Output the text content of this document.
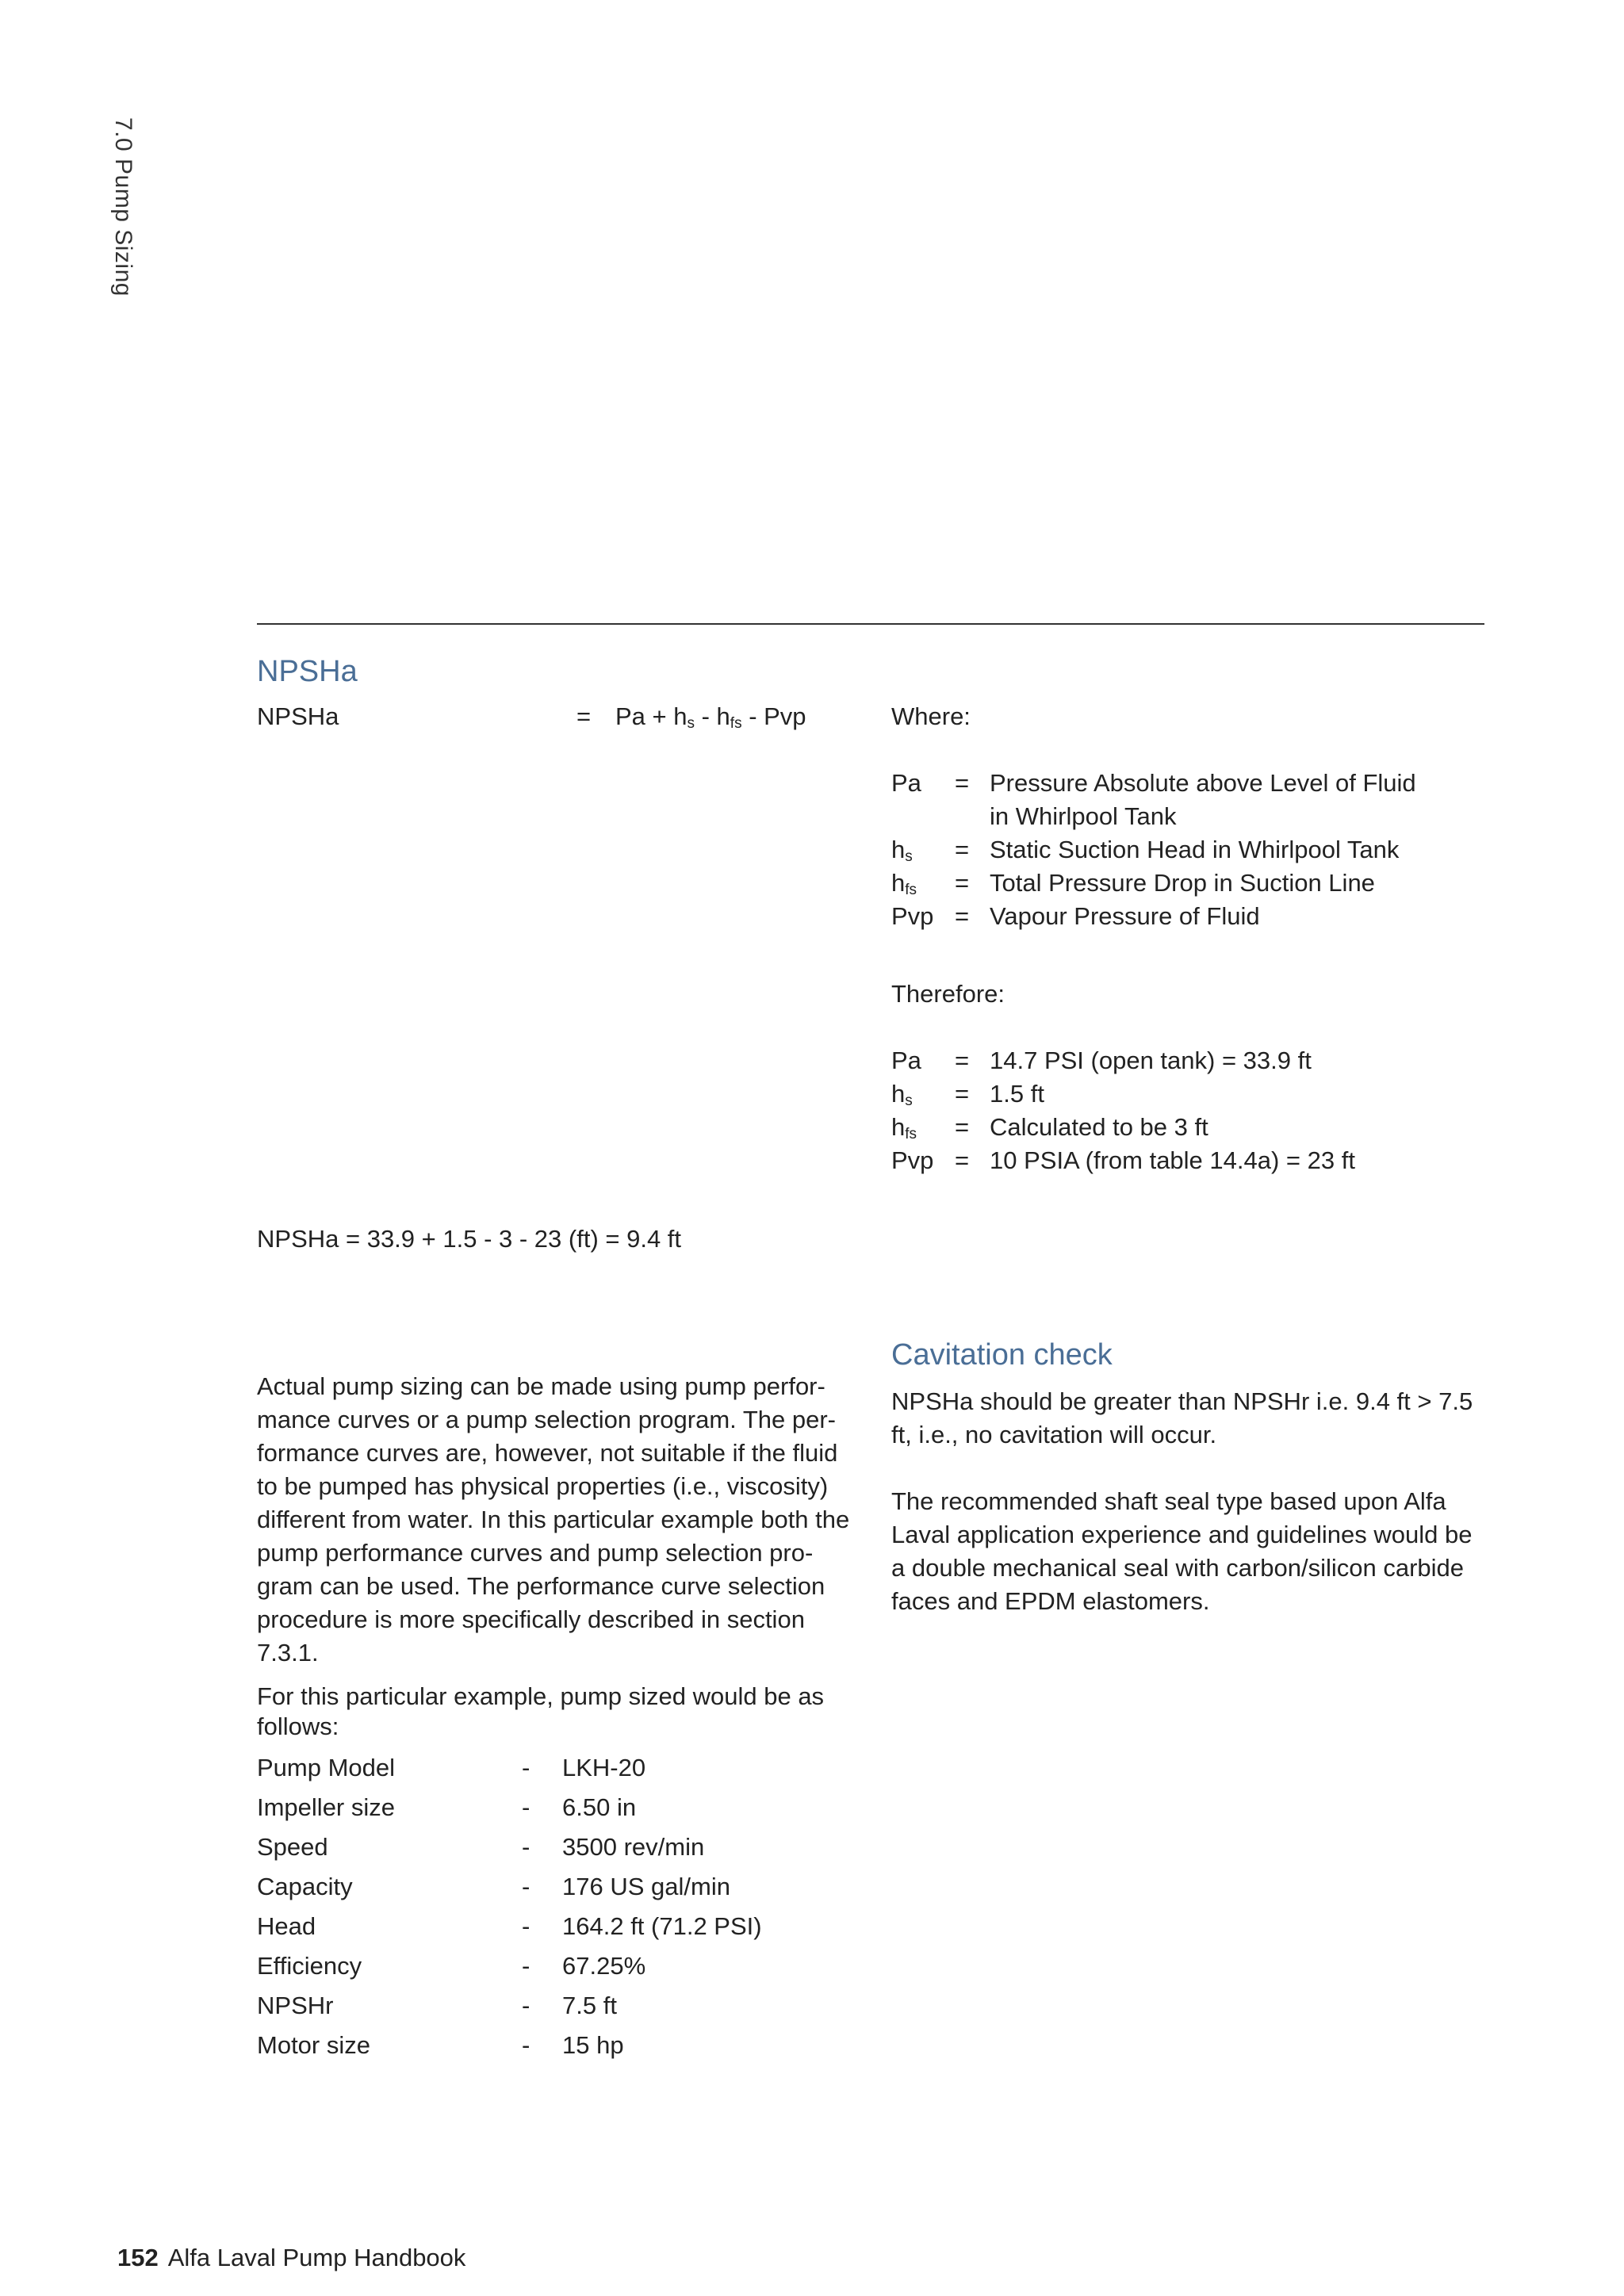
7.0 Pump Sizing
NPSHa
NPSHa	= $Pa + h_s - h_{fs}$ - Pvp	Where:
Pa = Pressure Absolute above Level of Fluid
in Whirlpool Tank
$h_s$ = Static Suction Head in Whirlpool Tank
$h_{fs}$ = Total Pressure Drop in Suction Line
Pvp = Vapour Pressure of Fluid
Therefore:
Pa = 14.7 PSI (open tank) = 33.9 ft
$h_s = 1.5$ ft
$h_{fs}$ = Calculated to be 3 ft
Pvp = 10 PSIA (from table 14.4a) = 23 ft
NPSHa = 33.9 + 1.5 - 3 - 23 (ft) = 9.4 ft
Actual pump sizing can be made using pump perfor-
mance curves or a pump selection program. The per-
formance curves are, however, not suitable if the fluid
to be pumped has physical properties (i.e., viscosity)
different from water. In this particular example both the
pump performance curves and pump selection pro-
gram can be used. The performance curve selection
procedure is more specifically described in section
7.3.1.
For this particular example, pump sized would be as
follows:
Pump Model	- LKH-20
Impeller size	- 6.50 in
Speed	- 3500 rev/min
Capacity	- 176 US gal/min
Head	- 164.2 ft (71.2 PSI)
Efficiency	- 67.25%
NPSHr	- 7.5 ft
Motor size	- 15 hp
Cavitation check
NPSHa should be greater than NPSHr i.e. 9.4 ft > 7.5
ft, i.e., no cavitation will occur.
The recommended shaft seal type based upon Alfa
Laval application experience and guidelines would be
a double mechanical seal with carbon/silicon carbide
faces and EPDM elastomers.
152 Alfa Laval Pump Handbook
